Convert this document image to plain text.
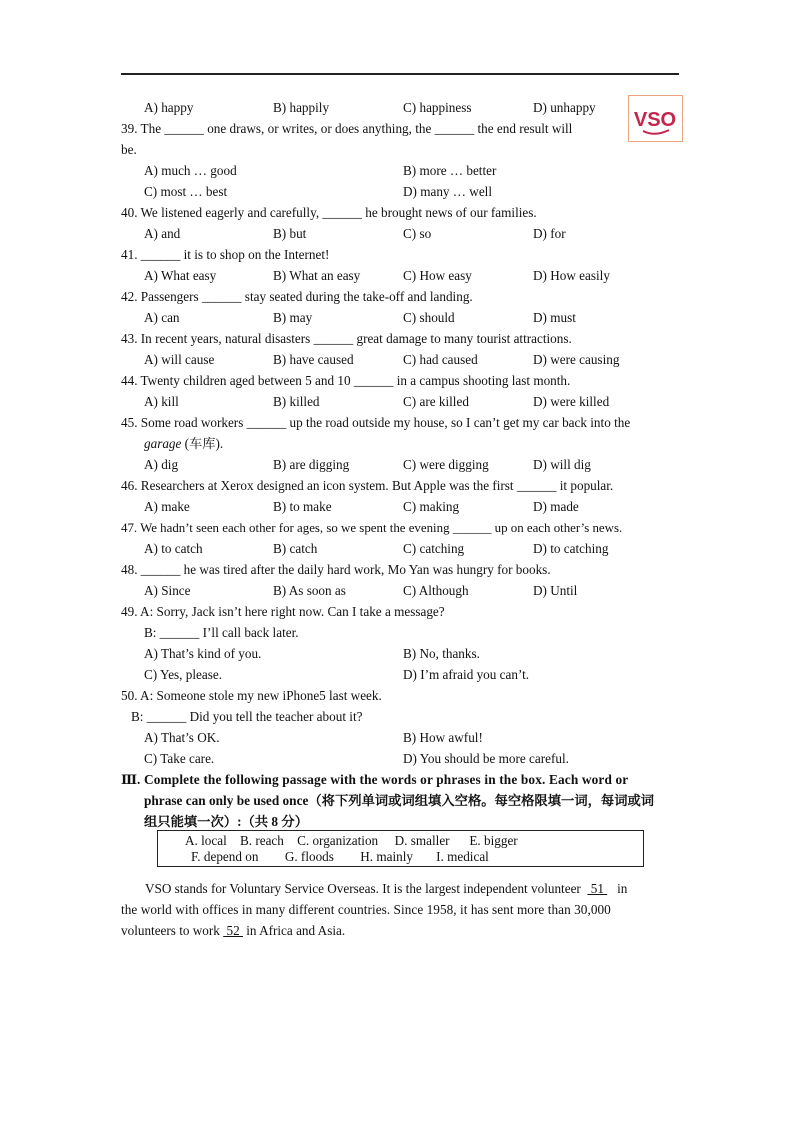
A) happy	B) happily	C) happiness	D) unhappy
VSO
39. The ______ one draws, or writes, or does anything, the ______ the end result will
be.
A) much … good	B) more … better
C) most … best	D) many … well
40. We listened eagerly and carefully, ______ he brought news of our families.
A) and	B) but	C) so	D) for
41. ______ it is to shop on the Internet!
A) What easy	B) What an easy	C) How easy	D) How easily
42. Passengers ______ stay seated during the take-off and landing.
A) can	B) may	C) should	D) must
43. In recent years, natural disasters ______ great damage to many tourist attractions.
A) will cause	B) have caused	C) had caused	D) were causing
44. Twenty children aged between 5 and 10 ______ in a campus shooting last month.
A) kill	B) killed	C) are killed	D) were killed
45. Some road workers ______ up the road outside my house, so I can’t get my car back into the
garage (车库).
A) dig	B) are digging	C) were digging	D) will dig
46. Researchers at Xerox designed an icon system. But Apple was the first ______ it popular.
A) make	B) to make	C) making	D) made
47. We hadn’t seen each other for ages, so we spent the evening ______ up on each other’s news.
A) to catch	B) catch	C) catching	D) to catching
48. ______ he was tired after the daily hard work, Mo Yan was hungry for books.
A) Since	B) As soon as	C) Although	D) Until
49. A: Sorry, Jack isn’t here right now. Can I take a message?
B: ______ I’ll call back later.
A) That’s kind of you.	B) No, thanks.
C) Yes, please.	D) I’m afraid you can’t.
50. A: Someone stole my new iPhone5 last week.
B: ______ Did you tell the teacher about it?
A) That’s OK.	B) How awful!
C) Take care.	D) You should be more careful.
Ⅲ. Complete the following passage with the words or phrases in the box. Each word or
phrase can only be used once（将下列单词或词组填入空格。每空格限填一词，每词或词
组只能填一次）:（共 8 分）
A. local B. reach C. organization D. smaller E. bigger
F. depend on G. floods H. mainly I. medical
VSO stands for Voluntary Service Overseas. It is the largest independent volunteer   51    in
the world with offices in many different countries. Since 1958, it has sent more than 30,000
volunteers to work  52  in Africa and Asia.
